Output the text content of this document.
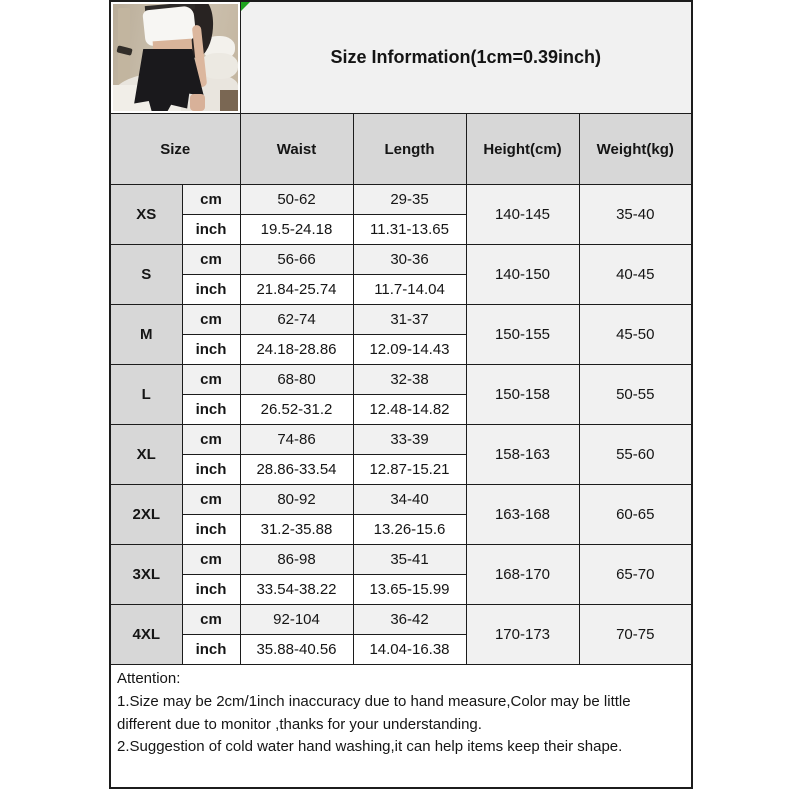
Size Information(1cm=0.39inch)			
Size		Waist	Length	Height(cm)	Weight(kg)
XS	cm	50-62	29-35	140-145	35-40
	inch	19.5-24.18	11.31-13.65		
S	cm	56-66	30-36	140-150	40-45
	inch	21.84-25.74	11.7-14.04		
M	cm	62-74	31-37	150-155	45-50
	inch	24.18-28.86	12.09-14.43		
L	cm	68-80	32-38	150-158	50-55
	inch	26.52-31.2	12.48-14.82		
XL	cm	74-86	33-39	158-163	55-60
	inch	28.86-33.54	12.87-15.21		
2XL	cm	80-92	34-40	163-168	60-65
	inch	31.2-35.88	13.26-15.6		
3XL	cm	86-98	35-41	168-170	65-70
	inch	33.54-38.22	13.65-15.99		
4XL	cm	92-104	36-42	170-173	70-75
	inch	35.88-40.56	14.04-16.38		

Attention:
1.Size may be 2cm/1inch inaccuracy due to hand measure,Color may be little different due to monitor ,thanks for your understanding.
2.Suggestion of cold water hand washing,it can help items keep their shape.					
